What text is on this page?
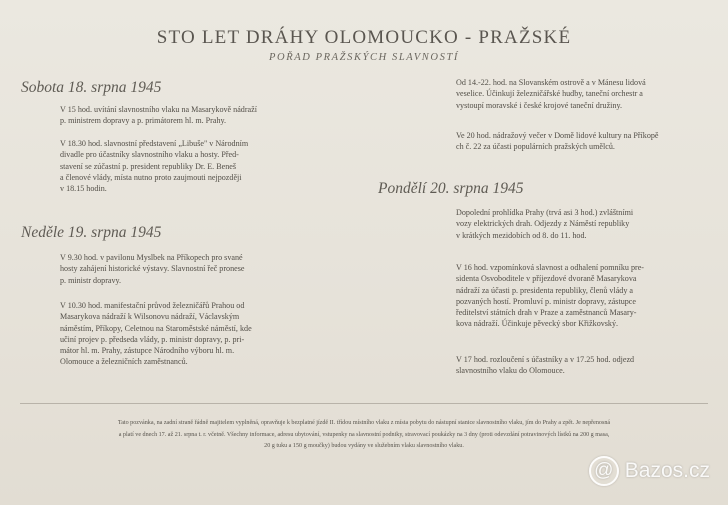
STO LET DRÁHY OLOMOUCKO - PRAŽSKÉ
POŘAD PRAŽSKÝCH SLAVNOSTÍ
Sobota 18. srpna 1945

V 15 hod. uvítání slavnostního vlaku na Masarykově nádraží

p. ministrem dopravy a p. primátorem hl. m. Prahy.

V 18.30 hod. slavnostní představení „Libuše" v Národním

divadle pro účastníky slavnostního vlaku a hosty. Před-

stavení se zúčastní p. president republiky Dr. E. Beneš

a členové vlády, místa nutno proto zaujmouti nejpozději

v 18.15 hodin.

Neděle 19. srpna 1945

V 9.30 hod. v pavilonu Myslbek na Příkopech pro svané

hosty zahájení historické výstavy. Slavnostní řeč pronese

p. ministr dopravy.

V 10.30 hod. manifestační průvod železničářů Prahou od

Masarykova nádraží k Wilsonovu nádraží, Václavským

náměstím, Příkopy, Celetnou na Staroměstské náměstí, kde

učiní projev p. předseda vlády, p. ministr dopravy, p. pri-

mátor hl. m. Prahy, zástupce Národního výboru hl. m.

Olomouce a železničních zaměstnanců.

Od 14.-22. hod. na Slovanském ostrově a v Mánesu lidová

veselice. Účinkují železničářské hudby, taneční orchestr a

vystoupí moravské i české krojové taneční družiny.

Ve 20 hod. nádražový večer v Domě lidové kultury na Příkopě

ch č. 22 za účasti populárních pražských umělců.

Pondělí 20. srpna 1945

Dopolední prohlídka Prahy (trvá asi 3 hod.) zvláštními

vozy elektrických drah. Odjezdy z Náměstí republiky

v krátkých mezidobích od 8. do 11. hod.

V 16 hod. vzpomínková slavnost a odhalení pomníku pre-

sidenta Osvoboditele v příjezdové dvoraně Masarykova

nádraží za účasti p. presidenta republiky, členů vlády a

pozvaných hostí. Promluví p. ministr dopravy, zástupce

ředitelství státních drah v Praze a zaměstnanců Masary-

kova nádraží. Účinkuje pěvecký sbor Křižkovský.

V 17 hod. rozloučení s účastníky a v 17.25 hod. odjezd

slavnostního vlaku do Olomouce.

Tato pozvánka, na zadní straně řádně majitelem vyplněná, opravňuje k bezplatné jízdě II. třídou místního vlaku z místa pobytu do nástupní stanice slavnostního vlaku, jím do Prahy a zpět. Je nepřenosná
a platí ve dnech 17. až 21. srpna t. r. včetně. Všechny informace, adresu ubytování, vstupenky na slavnostní podniky, stravovací poukázky na 3 dny (proti odevzdání potravinových lístků na 200 g masa,
20 g tuku a 150 g moučky) budou vydány ve služebním vlaku slavnostního vlaku.
@ Bazos.cz
